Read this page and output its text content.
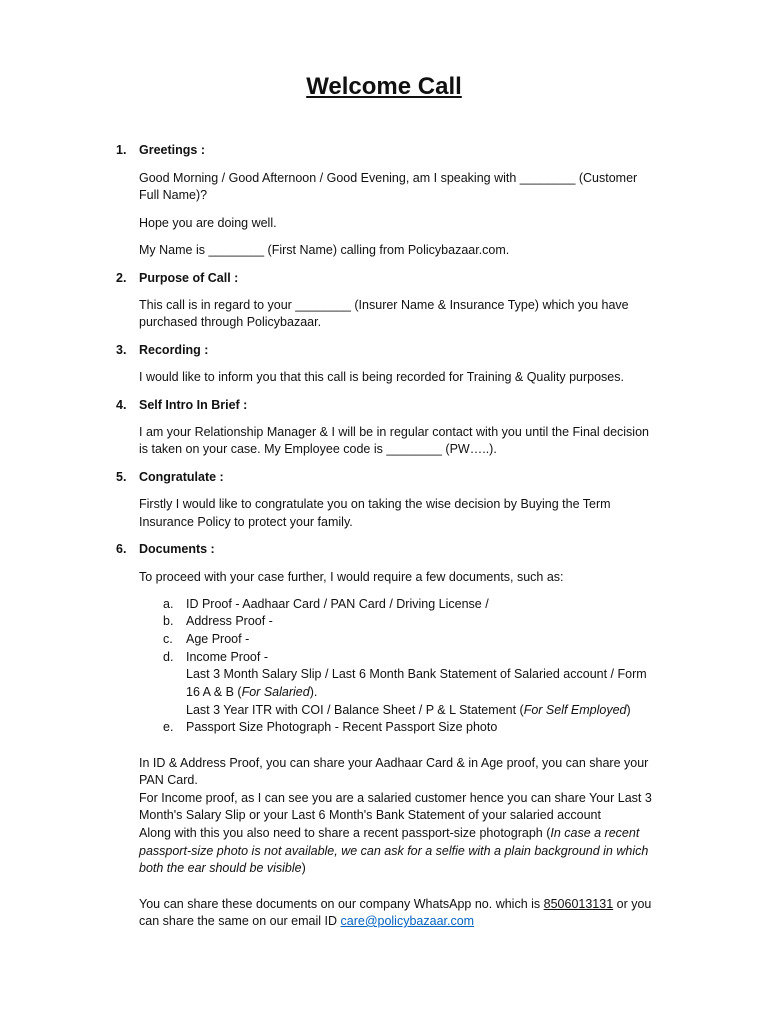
Welcome Call
1. Greetings :
Good Morning / Good Afternoon / Good Evening, am I speaking with ________ (Customer
Full Name)?
Hope you are doing well.
My Name is ________ (First Name) calling from Policybazaar.com.
2. Purpose of Call :
This call is in regard to your ________ (Insurer Name & Insurance Type) which you have
purchased through Policybazaar.
3. Recording :
I would like to inform you that this call is being recorded for Training & Quality purposes.
4. Self Intro In Brief :
I am your Relationship Manager & I will be in regular contact with you until the Final decision
is taken on your case. My Employee code is ________ (PW…..).
5. Congratulate :
Firstly I would like to congratulate you on taking the wise decision by Buying the Term
Insurance Policy to protect your family.
6. Documents :
To proceed with your case further, I would require a few documents, such as:
a. ID Proof - Aadhaar Card / PAN Card / Driving License /
b. Address Proof -
c. Age Proof -
d. Income Proof -
Last 3 Month Salary Slip / Last 6 Month Bank Statement of Salaried account / Form
16 A & B (For Salaried).
Last 3 Year ITR with COI / Balance Sheet / P & L Statement (For Self Employed)
e. Passport Size Photograph - Recent Passport Size photo
In ID & Address Proof, you can share your Aadhaar Card & in Age proof, you can share your
PAN Card.
For Income proof, as I can see you are a salaried customer hence you can share Your Last 3
Month's Salary Slip or your Last 6 Month's Bank Statement of your salaried account
Along with this you also need to share a recent passport-size photograph (In case a recent
passport-size photo is not available, we can ask for a selfie with a plain background in which
both the ear should be visible)
You can share these documents on our company WhatsApp no. which is 8506013131 or you
can share the same on our email ID care@policybazaar.com
